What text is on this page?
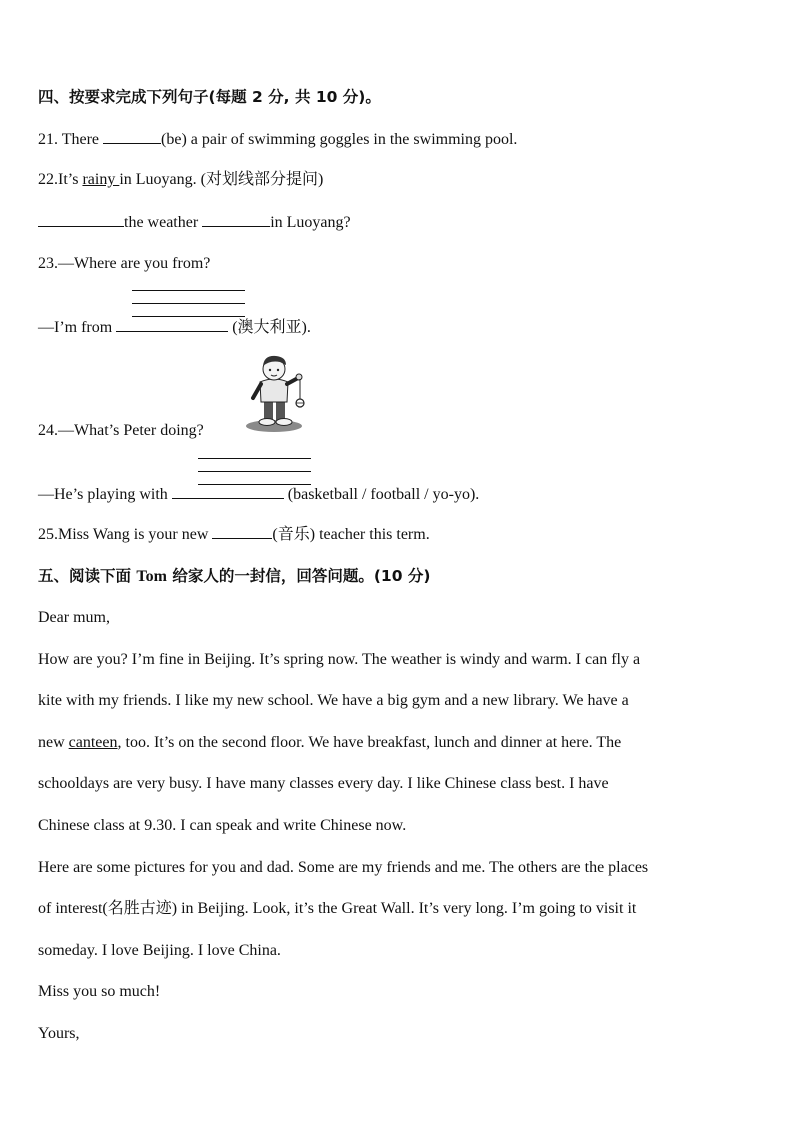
四、按要求完成下列句子(每题 2 分, 共 10 分)。
21. There	(be) a pair of swimming goggles in the swimming pool.
22.It’s rainy in Luoyang. (对划线部分提问)
the weather	in Luoyang?
23.—Where are you from?
—I’m from	(澳大利亚).
24.—What’s Peter doing?
—He’s playing with	(basketball / football / yo-yo).
25.Miss Wang is your new	(音乐) teacher this term.
五、阅读下面 Tom 给家人的一封信，回答问题。(10 分)
Dear mum,
How are you? I’m fine in Beijing. It’s spring now. The weather is windy and warm. I can fly a
kite with my friends. I like my new school. We have a big gym and a new library. We have a
new canteen, too. It’s on the second floor. We have breakfast, lunch and dinner at here. The
schooldays are very busy. I have many classes every day. I like Chinese class best. I have
Chinese class at 9.30. I can speak and write Chinese now.
Here are some pictures for you and dad. Some are my friends and me. The others are the places
of interest(名胜古迹) in Beijing. Look, it’s the Great Wall. It’s very long. I’m going to visit it
someday. I love Beijing. I love China.
Miss you so much!
Yours,
